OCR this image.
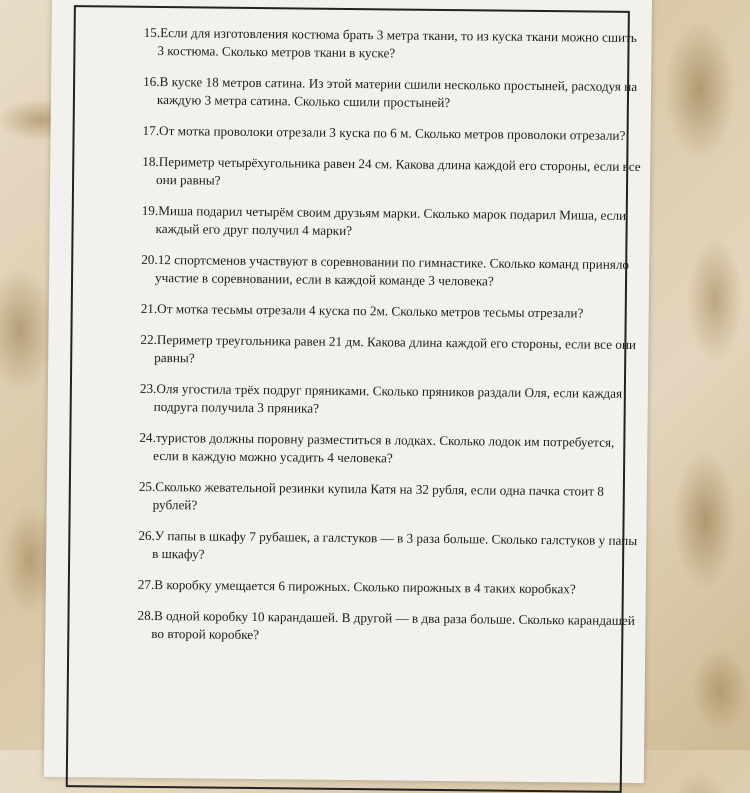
15.Если для изготовления костюма брать 3 метра ткани, то из куска ткани можно сшить 3 костюма. Сколько метров ткани в куске?

16.В куске 18 метров сатина. Из этой материи сшили несколько простыней, расходуя на каждую 3 метра сатина. Сколько сшили простыней?

17.От мотка проволоки отрезали 3 куска по 6 м. Сколько метров проволоки отрезали?

18.Периметр четырёхугольника равен 24 см. Какова длина каждой его стороны, если все они равны?

19.Миша подарил четырём своим друзьям марки. Сколько марок подарил Миша, если каждый его друг получил 4 марки?

20.12 спортсменов участвуют в соревновании по гимнастике. Сколько команд приняло участие в соревновании, если в каждой команде 3 человека?

21.От мотка тесьмы отрезали 4 куска по 2м. Сколько метров тесьмы отрезали?

22.Периметр треугольника равен 21 дм. Какова длина каждой его стороны, если все они равны?

23.Оля угостила трёх подруг пряниками. Сколько пряников раздали Оля, если каждая подруга получила 3 пряника?

24.туристов должны поровну разместиться в лодках. Сколько лодок им потребуется, если в каждую можно усадить 4 человека?

25.Сколько жевательной резинки купила Катя на 32 рубля, если одна пачка стоит 8 рублей?

26.У папы в шкафу 7 рубашек, а галстуков — в 3 раза больше. Сколько галстуков у папы в шкафу?

27.В коробку умещается 6 пирожных. Сколько пирожных в 4 таких коробках?

28.В одной коробку 10 карандашей. В другой — в два раза больше. Сколько карандашей во второй коробке?
